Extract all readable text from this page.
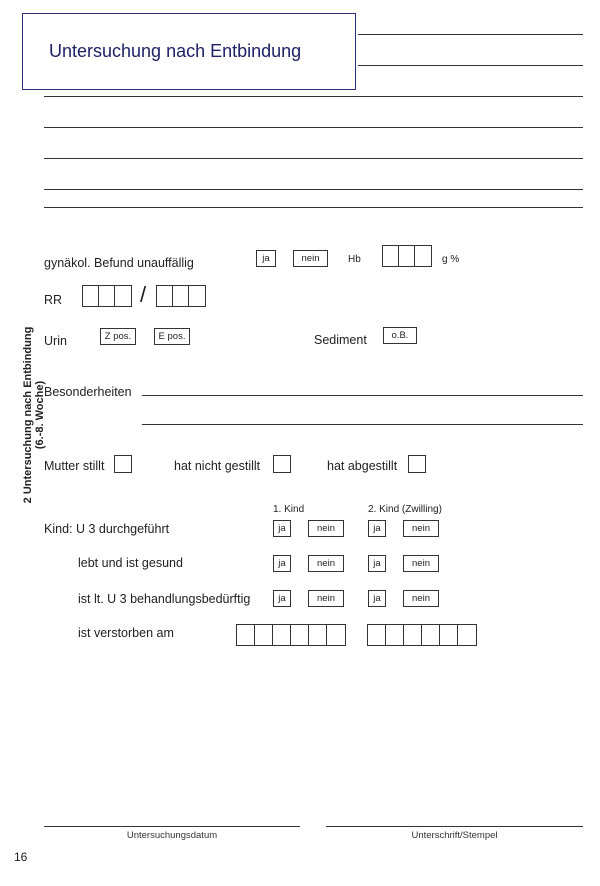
Untersuchung nach Entbindung
2 Untersuchung nach Entbindung (6.-8. Woche)
gynäkol. Befund unauffällig	ja	nein	Hb	g %
RR	/
Urin	Z pos.	E pos.	Sediment	o.B.
Besonderheiten
Mutter stillt	hat nicht gestillt	hat abgestillt
1. Kind	2. Kind (Zwilling)
Kind: U 3 durchgeführt	ja	nein	ja	nein
lebt und ist gesund	ja	nein	ja	nein
ist lt. U 3 behandlungsbedürftig	ja	nein	ja	nein
ist verstorben am
Untersuchungsdatum	Unterschrift/Stempel
16
